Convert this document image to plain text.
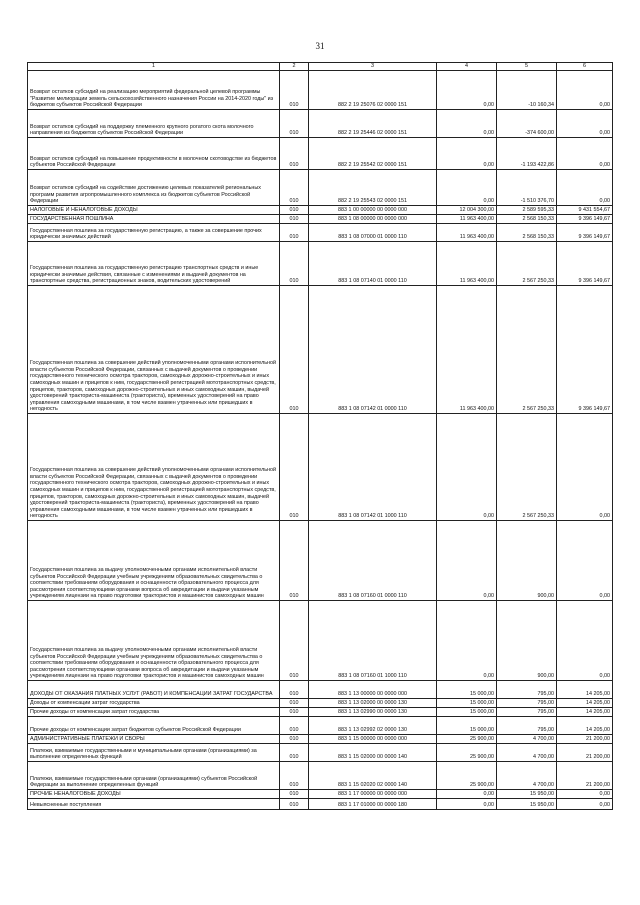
31
1	2	3	4	5	6
Возврат остатков субсидий на реализацию мероприятий федеральной целевой программы "Развитие мелиорации земель сельскохозяйственного назначения России на 2014-2020 годы" из бюджетов субъектов Российской Федерации	010	882 2 19 25076 02 0000 151	0,00	-10 160,34	0,00
Возврат остатков субсидий на поддержку племенного крупного рогатого скота молочного направления из бюджетов субъектов Российской Федерации	010	882 2 19 25446 02 0000 151	0,00	-374 600,00	0,00
Возврат остатков субсидий на повышение продуктивности в молочном скотоводстве из бюджетов субъектов Российской Федерации	010	882 2 19 25542 02 0000 151	0,00	-1 193 422,86	0,00
Возврат остатков субсидий на содействие достижению целевых показателей региональных программ развития агропромышленного комплекса из бюджетов субъектов Российской Федерации	010	882 2 19 25543 02 0000 151	0,00	-1 510 376,70	0,00
НАЛОГОВЫЕ И НЕНАЛОГОВЫЕ ДОХОДЫ	010	883 1 00 00000 00 0000 000	12 004 300,00	2 589 595,33	9 431 554,67
ГОСУДАРСТВЕННАЯ ПОШЛИНА	010	883 1 08 00000 00 0000 000	11 963 400,00	2 568 150,33	9 396 149,67
Государственная пошлина за государственную регистрацию, а также за совершение прочих юридически значимых действий	010	883 1 08 07000 01 0000 110	11 963 400,00	2 568 150,33	9 396 149,67
Государственная пошлина за государственную регистрацию транспортных средств и иные юридически значимые действия, связанные с изменениями и выдачей документов на транспортные средства, регистрационных знаков, водительских удостоверений	010	883 1 08 07140 01 0000 110	11 963 400,00	2 567 250,33	9 396 149,67
Государственная пошлина за совершение действий уполномоченными органами исполнительной власти субъектов Российской Федерации, связанных с выдачей документов о проведении государственного технического осмотра тракторов, самоходных дорожно-строительных и иных самоходных машин и прицепов к ним, государственной регистрацией мототранспортных средств, прицепов, тракторов, самоходных дорожно-строительных и иных самоходных машин, выдачей удостоверений тракториста-машиниста (тракториста), временных удостоверений на право управления самоходными машинами, в том числе взамен утраченных или пришедших в негодность	010	883 1 08 07142 01 0000 110	11 963 400,00	2 567 250,33	9 396 149,67
Государственная пошлина за совершение действий уполномоченными органами исполнительной власти субъектов Российской Федерации, связанных с выдачей документов о проведении государственного технического осмотра тракторов, самоходных дорожно-строительных и иных самоходных машин и прицепов к ним, государственной регистрацией мототранспортных средств, прицепов, тракторов, самоходных дорожно-строительных и иных самоходных машин, выдачей удостоверений тракториста-машиниста (тракториста), временных удостоверений на право управления самоходными машинами, в том числе взамен утраченных или пришедших в негодность	010	883 1 08 07142 01 1000 110	0,00	2 567 250,33	0,00
Государственная пошлина за выдачу уполномоченными органами исполнительной власти субъектов Российской Федерации учебным учреждениям образовательных свидетельства о соответствии требованиям оборудования и оснащенности образовательного процесса для рассмотрения соответствующими органами вопроса об аккредитации и выдачи указанным учреждениям лицензии на право подготовки трактористов и машинистов самоходных машин	010	883 1 08 07160 01 0000 110	0,00	900,00	0,00
Государственная пошлина за выдачу уполномоченными органами исполнительной власти субъектов Российской Федерации учебным учреждениям образовательных свидетельства о соответствии требованиям оборудования и оснащенности образовательного процесса для рассмотрения соответствующими органами вопроса об аккредитации и выдачи указанным учреждениям лицензии на право подготовки трактористов и машинистов самоходных машин	010	883 1 08 07160 01 1000 110	0,00	900,00	0,00
ДОХОДЫ ОТ ОКАЗАНИЯ ПЛАТНЫХ УСЛУГ (РАБОТ) И КОМПЕНСАЦИИ ЗАТРАТ ГОСУДАРСТВА	010	883 1 13 00000 00 0000 000	15 000,00	795,00	14 205,00
Доходы от компенсации затрат государства	010	883 1 13 02000 00 0000 130	15 000,00	795,00	14 205,00
Прочие доходы от компенсации затрат государства	010	883 1 13 02990 00 0000 130	15 000,00	795,00	14 205,00
Прочие доходы от компенсации затрат бюджетов субъектов Российской Федерации	010	883 1 13 02992 02 0000 130	15 000,00	795,00	14 205,00
АДМИНИСТРАТИВНЫЕ ПЛАТЕЖИ И СБОРЫ	010	883 1 15 00000 00 0000 000	25 900,00	4 700,00	21 200,00
Платежи, взимаемые государственными и муниципальными органами (организациями) за выполнение определенных функций	010	883 1 15 02000 00 0000 140	25 900,00	4 700,00	21 200,00
Платежи, взимаемые государственными органами (организациями) субъектов Российской Федерации за выполнение определенных функций	010	883 1 15 02020 02 0000 140	25 900,00	4 700,00	21 200,00
ПРОЧИЕ НЕНАЛОГОВЫЕ ДОХОДЫ	010	883 1 17 00000 00 0000 000	0,00	15 950,00	0,00
Невыясненные поступления	010	883 1 17 01000 00 0000 180	0,00	15 950,00	0,00
